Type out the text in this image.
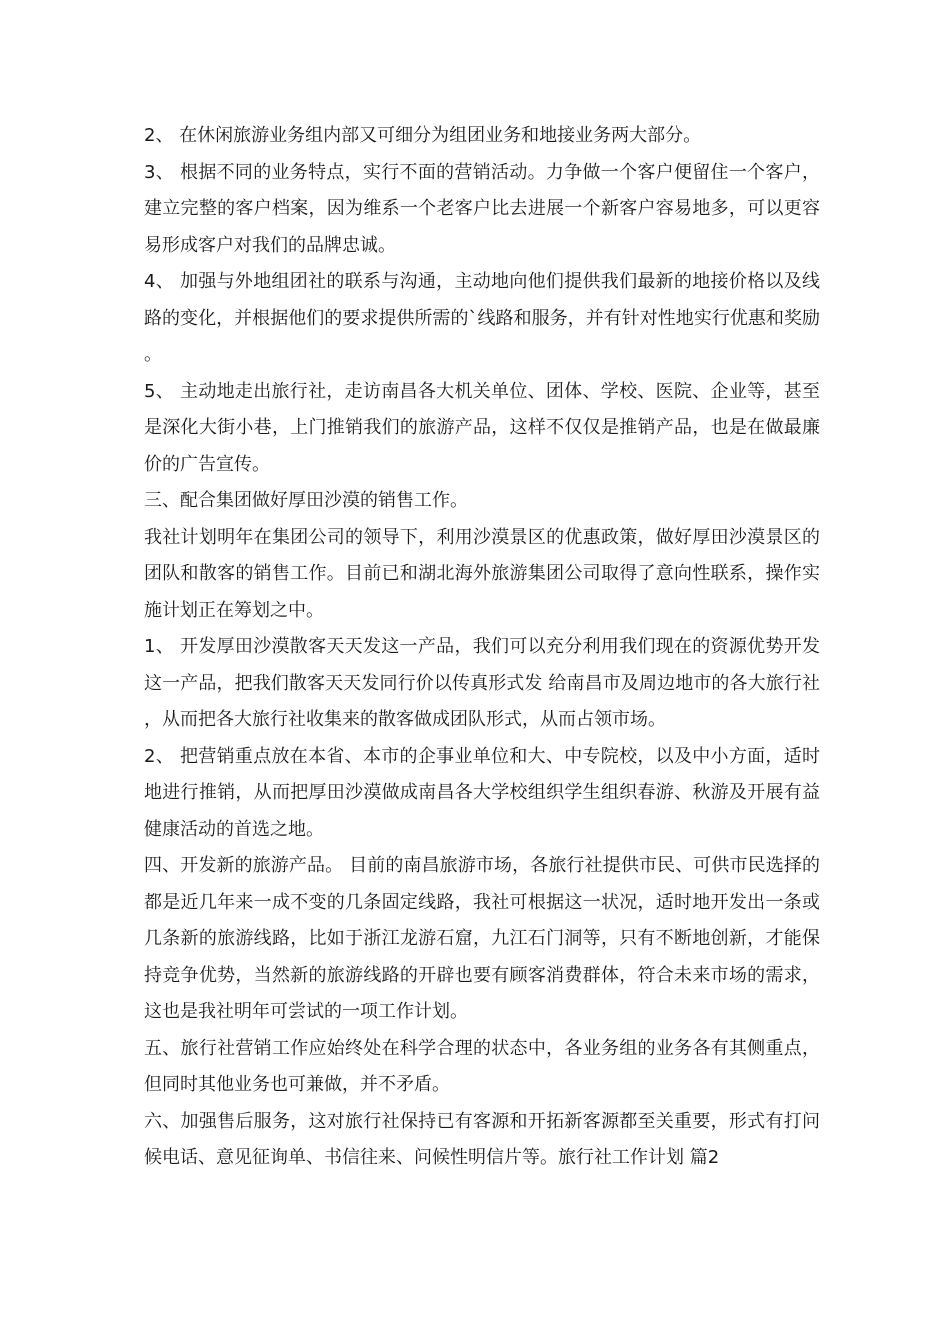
2、 在休闲旅游业务组内部又可细分为组团业务和地接业务两大部分。

3、 根据不同的业务特点，实行不面的营销活动。力争做一个客户便留住一个客户，建立完整的客户档案，因为维系一个老客户比去进展一个新客户容易地多，可以更容易形成客户对我们的品牌忠诚。

4、 加强与外地组团社的联系与沟通，主动地向他们提供我们最新的地接价格以及线路的变化，并根据他们的要求提供所需的`线路和服务，并有针对性地实行优惠和奖励。

5、 主动地走出旅行社，走访南昌各大机关单位、团体、学校、医院、企业等，甚至是深化大街小巷，上门推销我们的旅游产品，这样不仅仅是推销产品，也是在做最廉价的广告宣传。

三、配合集团做好厚田沙漠的销售工作。

我社计划明年在集团公司的领导下，利用沙漠景区的优惠政策，做好厚田沙漠景区的团队和散客的销售工作。目前已和湖北海外旅游集团公司取得了意向性联系，操作实施计划正在筹划之中。

1、 开发厚田沙漠散客天天发这一产品，我们可以充分利用我们现在的资源优势开发这一产品，把我们散客天天发同行价以传真形式发 给南昌市及周边地市的各大旅行社，从而把各大旅行社收集来的散客做成团队形式，从而占领市场。

2、 把营销重点放在本省、本市的企事业单位和大、中专院校，以及中小方面，适时地进行推销，从而把厚田沙漠做成南昌各大学校组织学生组织春游、秋游及开展有益健康活动的首选之地。

四、开发新的旅游产品。 目前的南昌旅游市场，各旅行社提供市民、可供市民选择的都是近几年来一成不变的几条固定线路，我社可根据这一状况，适时地开发出一条或几条新的旅游线路，比如于浙江龙游石窟，九江石门洞等，只有不断地创新，才能保持竞争优势，当然新的旅游线路的开辟也要有顾客消费群体，符合未来市场的需求，这也是我社明年可尝试的一项工作计划。

五、旅行社营销工作应始终处在科学合理的状态中，各业务组的业务各有其侧重点，但同时其他业务也可兼做，并不矛盾。

六、加强售后服务，这对旅行社保持已有客源和开拓新客源都至关重要，形式有打问候电话、意见征询单、书信往来、问候性明信片等。旅行社工作计划 篇2
